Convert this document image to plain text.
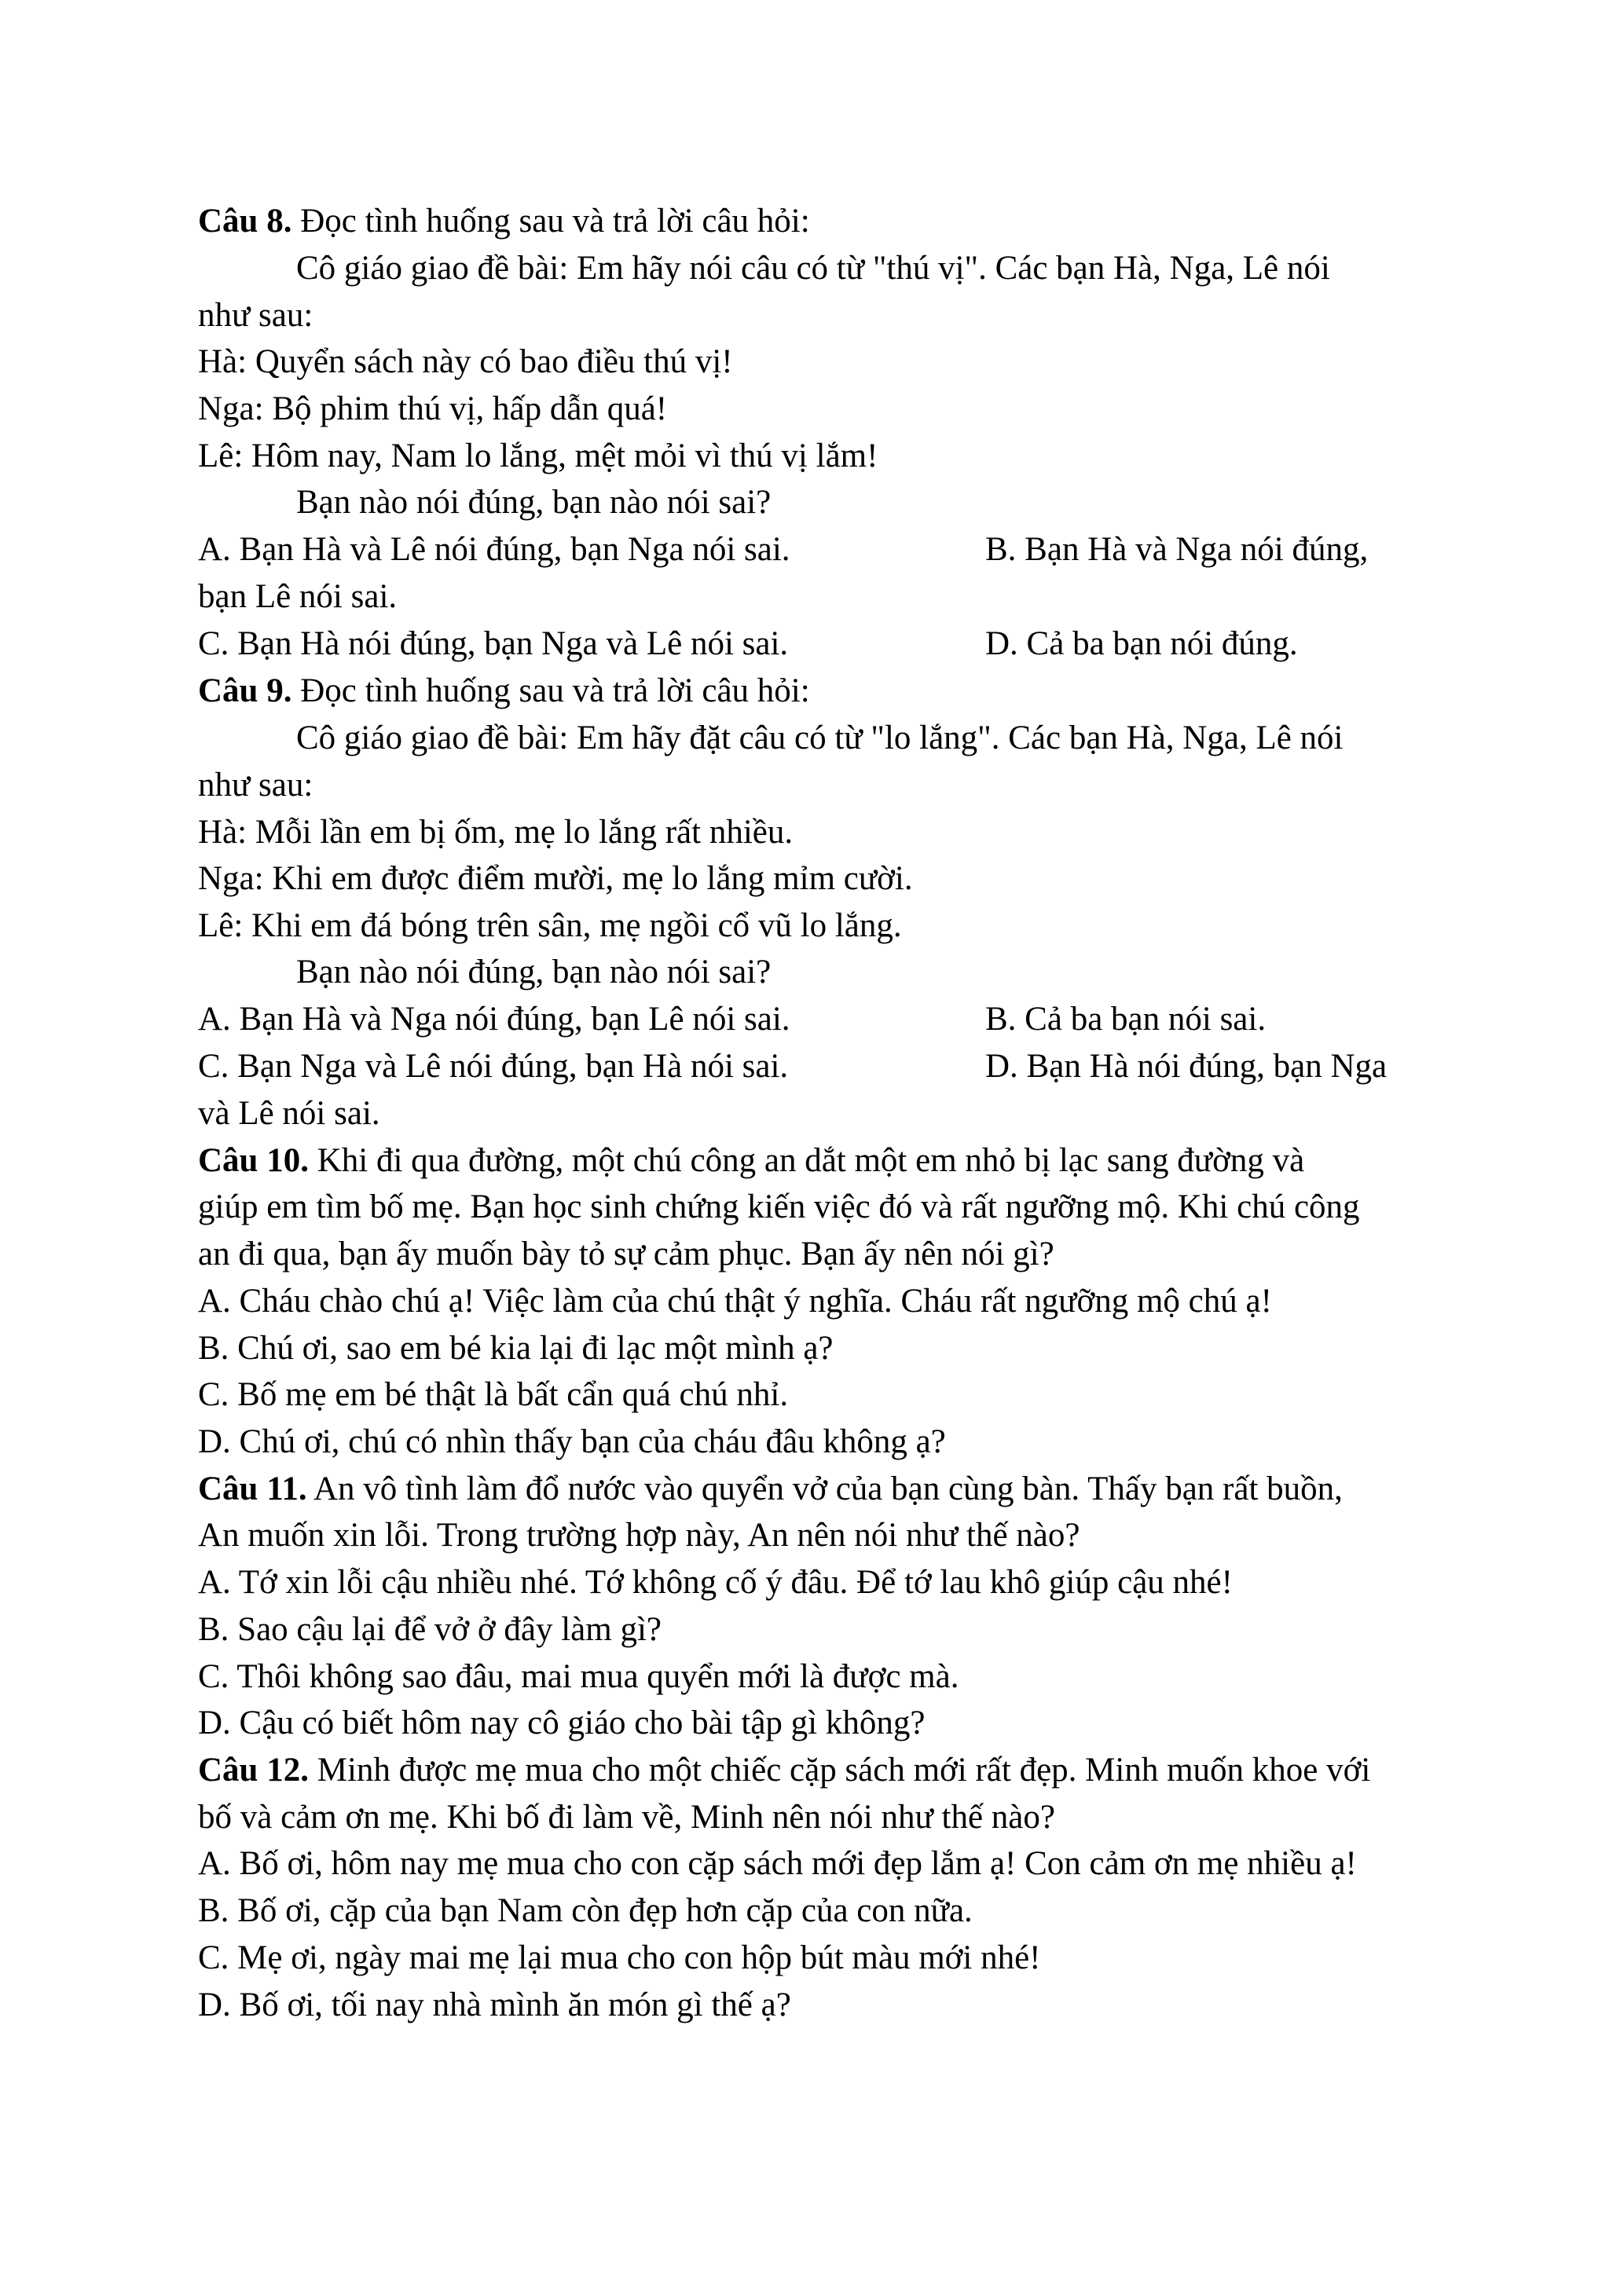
Câu 8. Đọc tình huống sau và trả lời câu hỏi:
Cô giáo giao đề bài: Em hãy nói câu có từ "thú vị". Các bạn Hà, Nga, Lê nói
như sau:
Hà: Quyển sách này có bao điều thú vị!
Nga: Bộ phim thú vị, hấp dẫn quá!
Lê: Hôm nay, Nam lo lắng, mệt mỏi vì thú vị lắm!
Bạn nào nói đúng, bạn nào nói sai?
A. Bạn Hà và Lê nói đúng, bạn Nga nói sai.	B. Bạn Hà và Nga nói đúng,
bạn Lê nói sai.
C. Bạn Hà nói đúng, bạn Nga và Lê nói sai.	D. Cả ba bạn nói đúng.
Câu 9. Đọc tình huống sau và trả lời câu hỏi:
Cô giáo giao đề bài: Em hãy đặt câu có từ "lo lắng". Các bạn Hà, Nga, Lê nói
như sau:
Hà: Mỗi lần em bị ốm, mẹ lo lắng rất nhiều.
Nga: Khi em được điểm mười, mẹ lo lắng mỉm cười.
Lê: Khi em đá bóng trên sân, mẹ ngồi cổ vũ lo lắng.
Bạn nào nói đúng, bạn nào nói sai?
A. Bạn Hà và Nga nói đúng, bạn Lê nói sai.	B. Cả ba bạn nói sai.
C. Bạn Nga và Lê nói đúng, bạn Hà nói sai.	D. Bạn Hà nói đúng, bạn Nga
và Lê nói sai.
Câu 10. Khi đi qua đường, một chú công an dắt một em nhỏ bị lạc sang đường và
giúp em tìm bố mẹ. Bạn học sinh chứng kiến việc đó và rất ngưỡng mộ. Khi chú công
an đi qua, bạn ấy muốn bày tỏ sự cảm phục. Bạn ấy nên nói gì?
A. Cháu chào chú ạ! Việc làm của chú thật ý nghĩa. Cháu rất ngưỡng mộ chú ạ!
B. Chú ơi, sao em bé kia lại đi lạc một mình ạ?
C. Bố mẹ em bé thật là bất cẩn quá chú nhỉ.
D. Chú ơi, chú có nhìn thấy bạn của cháu đâu không ạ?
Câu 11. An vô tình làm đổ nước vào quyển vở của bạn cùng bàn. Thấy bạn rất buồn,
An muốn xin lỗi. Trong trường hợp này, An nên nói như thế nào?
A. Tớ xin lỗi cậu nhiều nhé. Tớ không cố ý đâu. Để tớ lau khô giúp cậu nhé!
B. Sao cậu lại để vở ở đây làm gì?
C. Thôi không sao đâu, mai mua quyển mới là được mà.
D. Cậu có biết hôm nay cô giáo cho bài tập gì không?
Câu 12. Minh được mẹ mua cho một chiếc cặp sách mới rất đẹp. Minh muốn khoe với
bố và cảm ơn mẹ. Khi bố đi làm về, Minh nên nói như thế nào?
A. Bố ơi, hôm nay mẹ mua cho con cặp sách mới đẹp lắm ạ! Con cảm ơn mẹ nhiều ạ!
B. Bố ơi, cặp của bạn Nam còn đẹp hơn cặp của con nữa.
C. Mẹ ơi, ngày mai mẹ lại mua cho con hộp bút màu mới nhé!
D. Bố ơi, tối nay nhà mình ăn món gì thế ạ?
